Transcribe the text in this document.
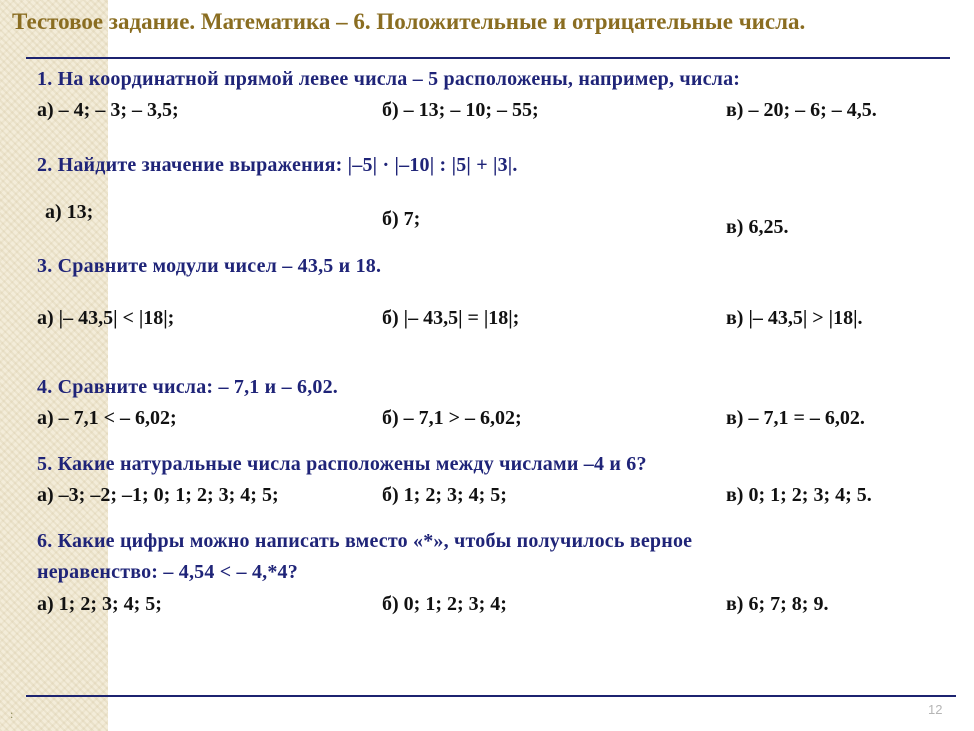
Тестовое задание. Математика – 6. Положительные и отрицательные числа.
1. На координатной прямой левее числа – 5 расположены, например, числа:
а) – 4; – 3; – 3,5;	б) – 13; – 10; – 55;	в) – 20; – 6; – 4,5.
2. Найдите значение выражения: |–5| · |–10| : |5| + |3|.
а) 13;	б) 7;	в) 6,25.
3. Сравните модули чисел – 43,5 и 18.
а) |– 43,5| < |18|;	б) |– 43,5| = |18|;	в) |– 43,5| > |18|.
4. Сравните числа: – 7,1 и – 6,02.
а) – 7,1 < – 6,02;	б) – 7,1 > – 6,02;	в) – 7,1 = – 6,02.
5. Какие натуральные числа расположены между числами –4 и 6?
а) –3; –2; –1; 0; 1; 2; 3; 4; 5;	б) 1; 2; 3; 4; 5;	в) 0; 1; 2; 3; 4; 5.
6. Какие цифры можно написать вместо «*», чтобы получилось верное
неравенство: – 4,54 < – 4,*4?
а) 1; 2; 3; 4; 5;	б) 0; 1; 2; 3; 4;	в) 6; 7; 8; 9.
:	12
